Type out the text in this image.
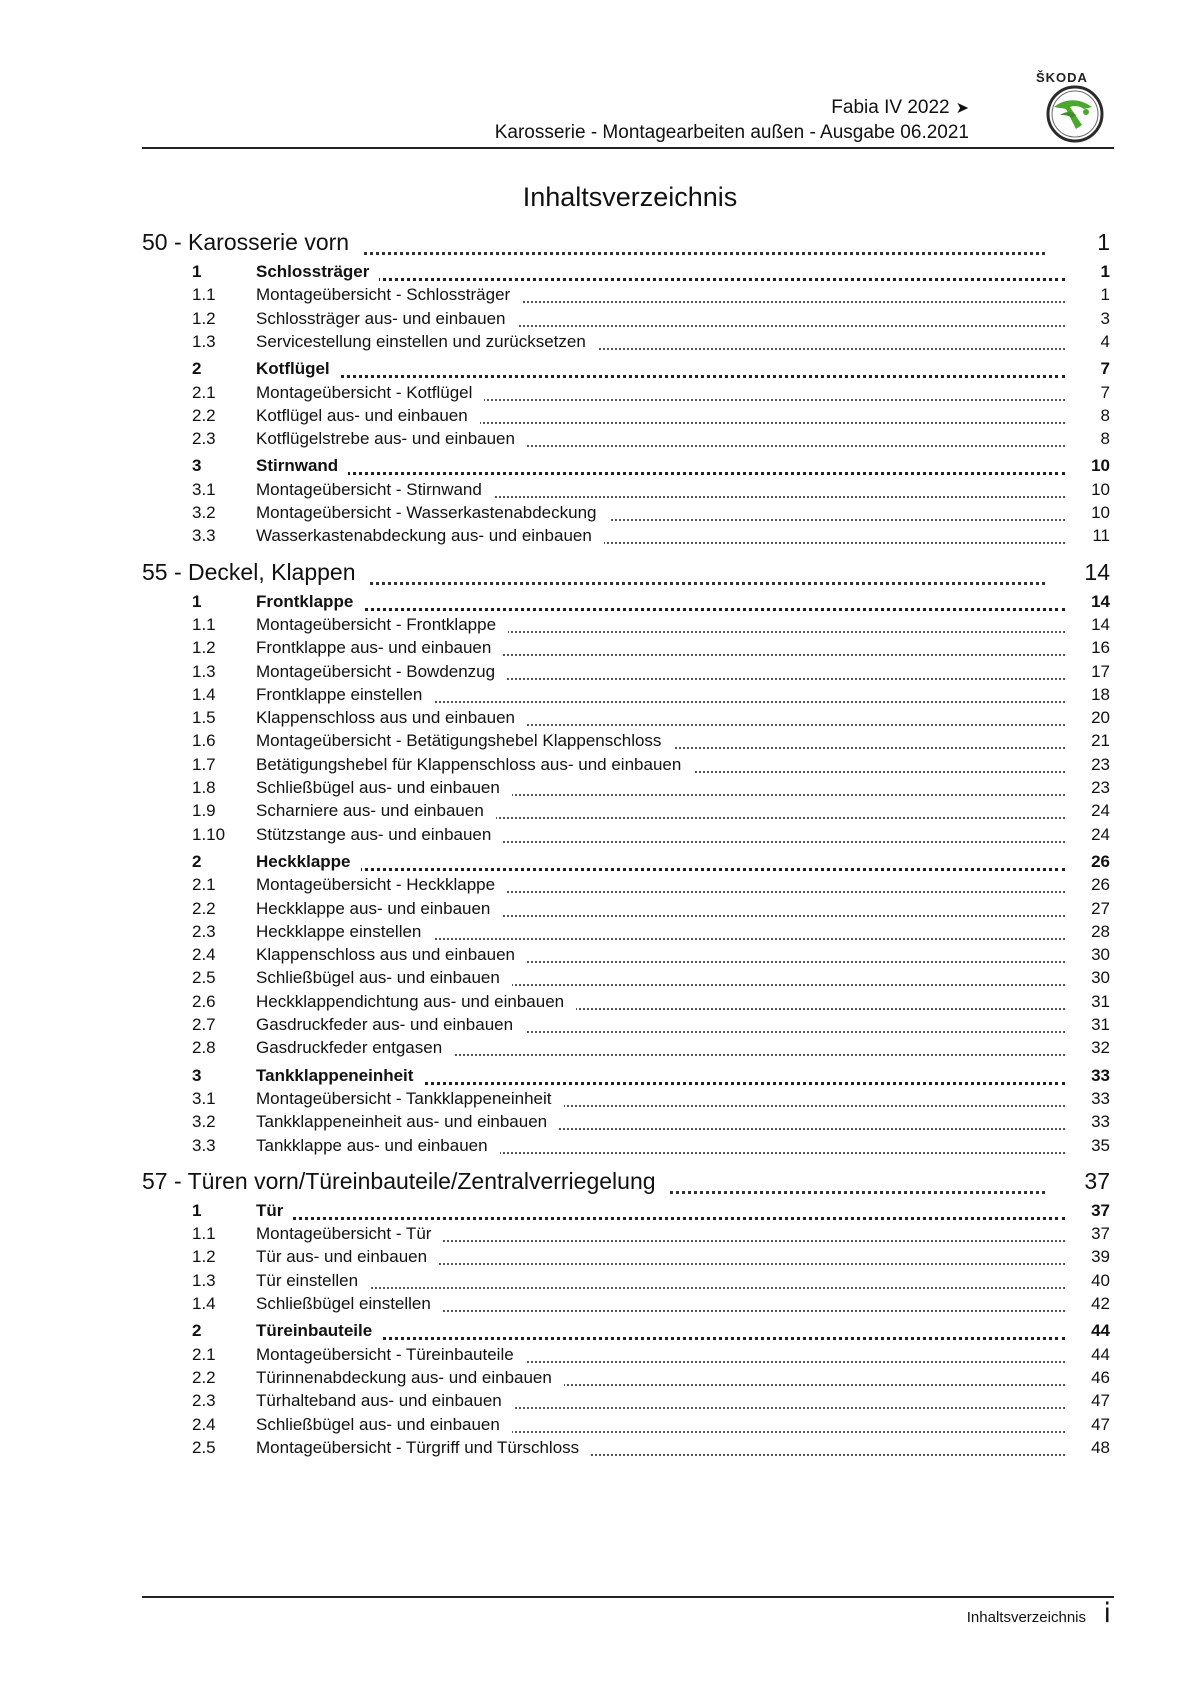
ŠKODA
Fabia IV 2022 ➤
Karosserie - Montagearbeiten außen - Ausgabe 06.2021
Inhaltsverzeichnis
50 - Karosserie vorn	1
1	Schlossträger	1
1.1 Montageübersicht - Schlossträger	1
1.2 Schlossträger aus- und einbauen	3
1.3 Servicestellung einstellen und zurücksetzen	4
2	Kotflügel	7
2.1 Montageübersicht - Kotflügel	7
2.2 Kotflügel aus- und einbauen	8
2.3 Kotflügelstrebe aus- und einbauen	8
3	Stirnwand	10
3.1 Montageübersicht - Stirnwand	10
3.2 Montageübersicht - Wasserkastenabdeckung	10
3.3 Wasserkastenabdeckung aus- und einbauen	11
55 - Deckel, Klappen	14
1	Frontklappe	14
1.1 Montageübersicht - Frontklappe	14
1.2 Frontklappe aus- und einbauen	16
1.3 Montageübersicht - Bowdenzug	17
1.4 Frontklappe einstellen	18
1.5 Klappenschloss aus und einbauen	20
1.6 Montageübersicht - Betätigungshebel Klappenschloss	21
1.7 Betätigungshebel für Klappenschloss aus- und einbauen	23
1.8 Schließbügel aus- und einbauen	23
1.9 Scharniere aus- und einbauen	24
1.10 Stützstange aus- und einbauen	24
2	Heckklappe	26
2.1 Montageübersicht - Heckklappe	26
2.2 Heckklappe aus- und einbauen	27
2.3 Heckklappe einstellen	28
2.4 Klappenschloss aus und einbauen	30
2.5 Schließbügel aus- und einbauen	30
2.6 Heckklappendichtung aus- und einbauen	31
2.7 Gasdruckfeder aus- und einbauen	31
2.8 Gasdruckfeder entgasen	32
3	Tankklappeneinheit	33
3.1 Montageübersicht - Tankklappeneinheit	33
3.2 Tankklappeneinheit aus- und einbauen	33
3.3 Tankklappe aus- und einbauen	35
57 - Türen vorn/Türeinbauteile/Zentralverriegelung	37
1	Tür	37
1.1 Montageübersicht - Tür	37
1.2 Tür aus- und einbauen	39
1.3 Tür einstellen	40
1.4 Schließbügel einstellen	42
2	Türeinbauteile	44
2.1 Montageübersicht - Türeinbauteile	44
2.2 Türinnenabdeckung aus- und einbauen	46
2.3 Türhalteband aus- und einbauen	47
2.4 Schließbügel aus- und einbauen	47
2.5 Montageübersicht - Türgriff und Türschloss	48
Inhaltsverzeichnis i
